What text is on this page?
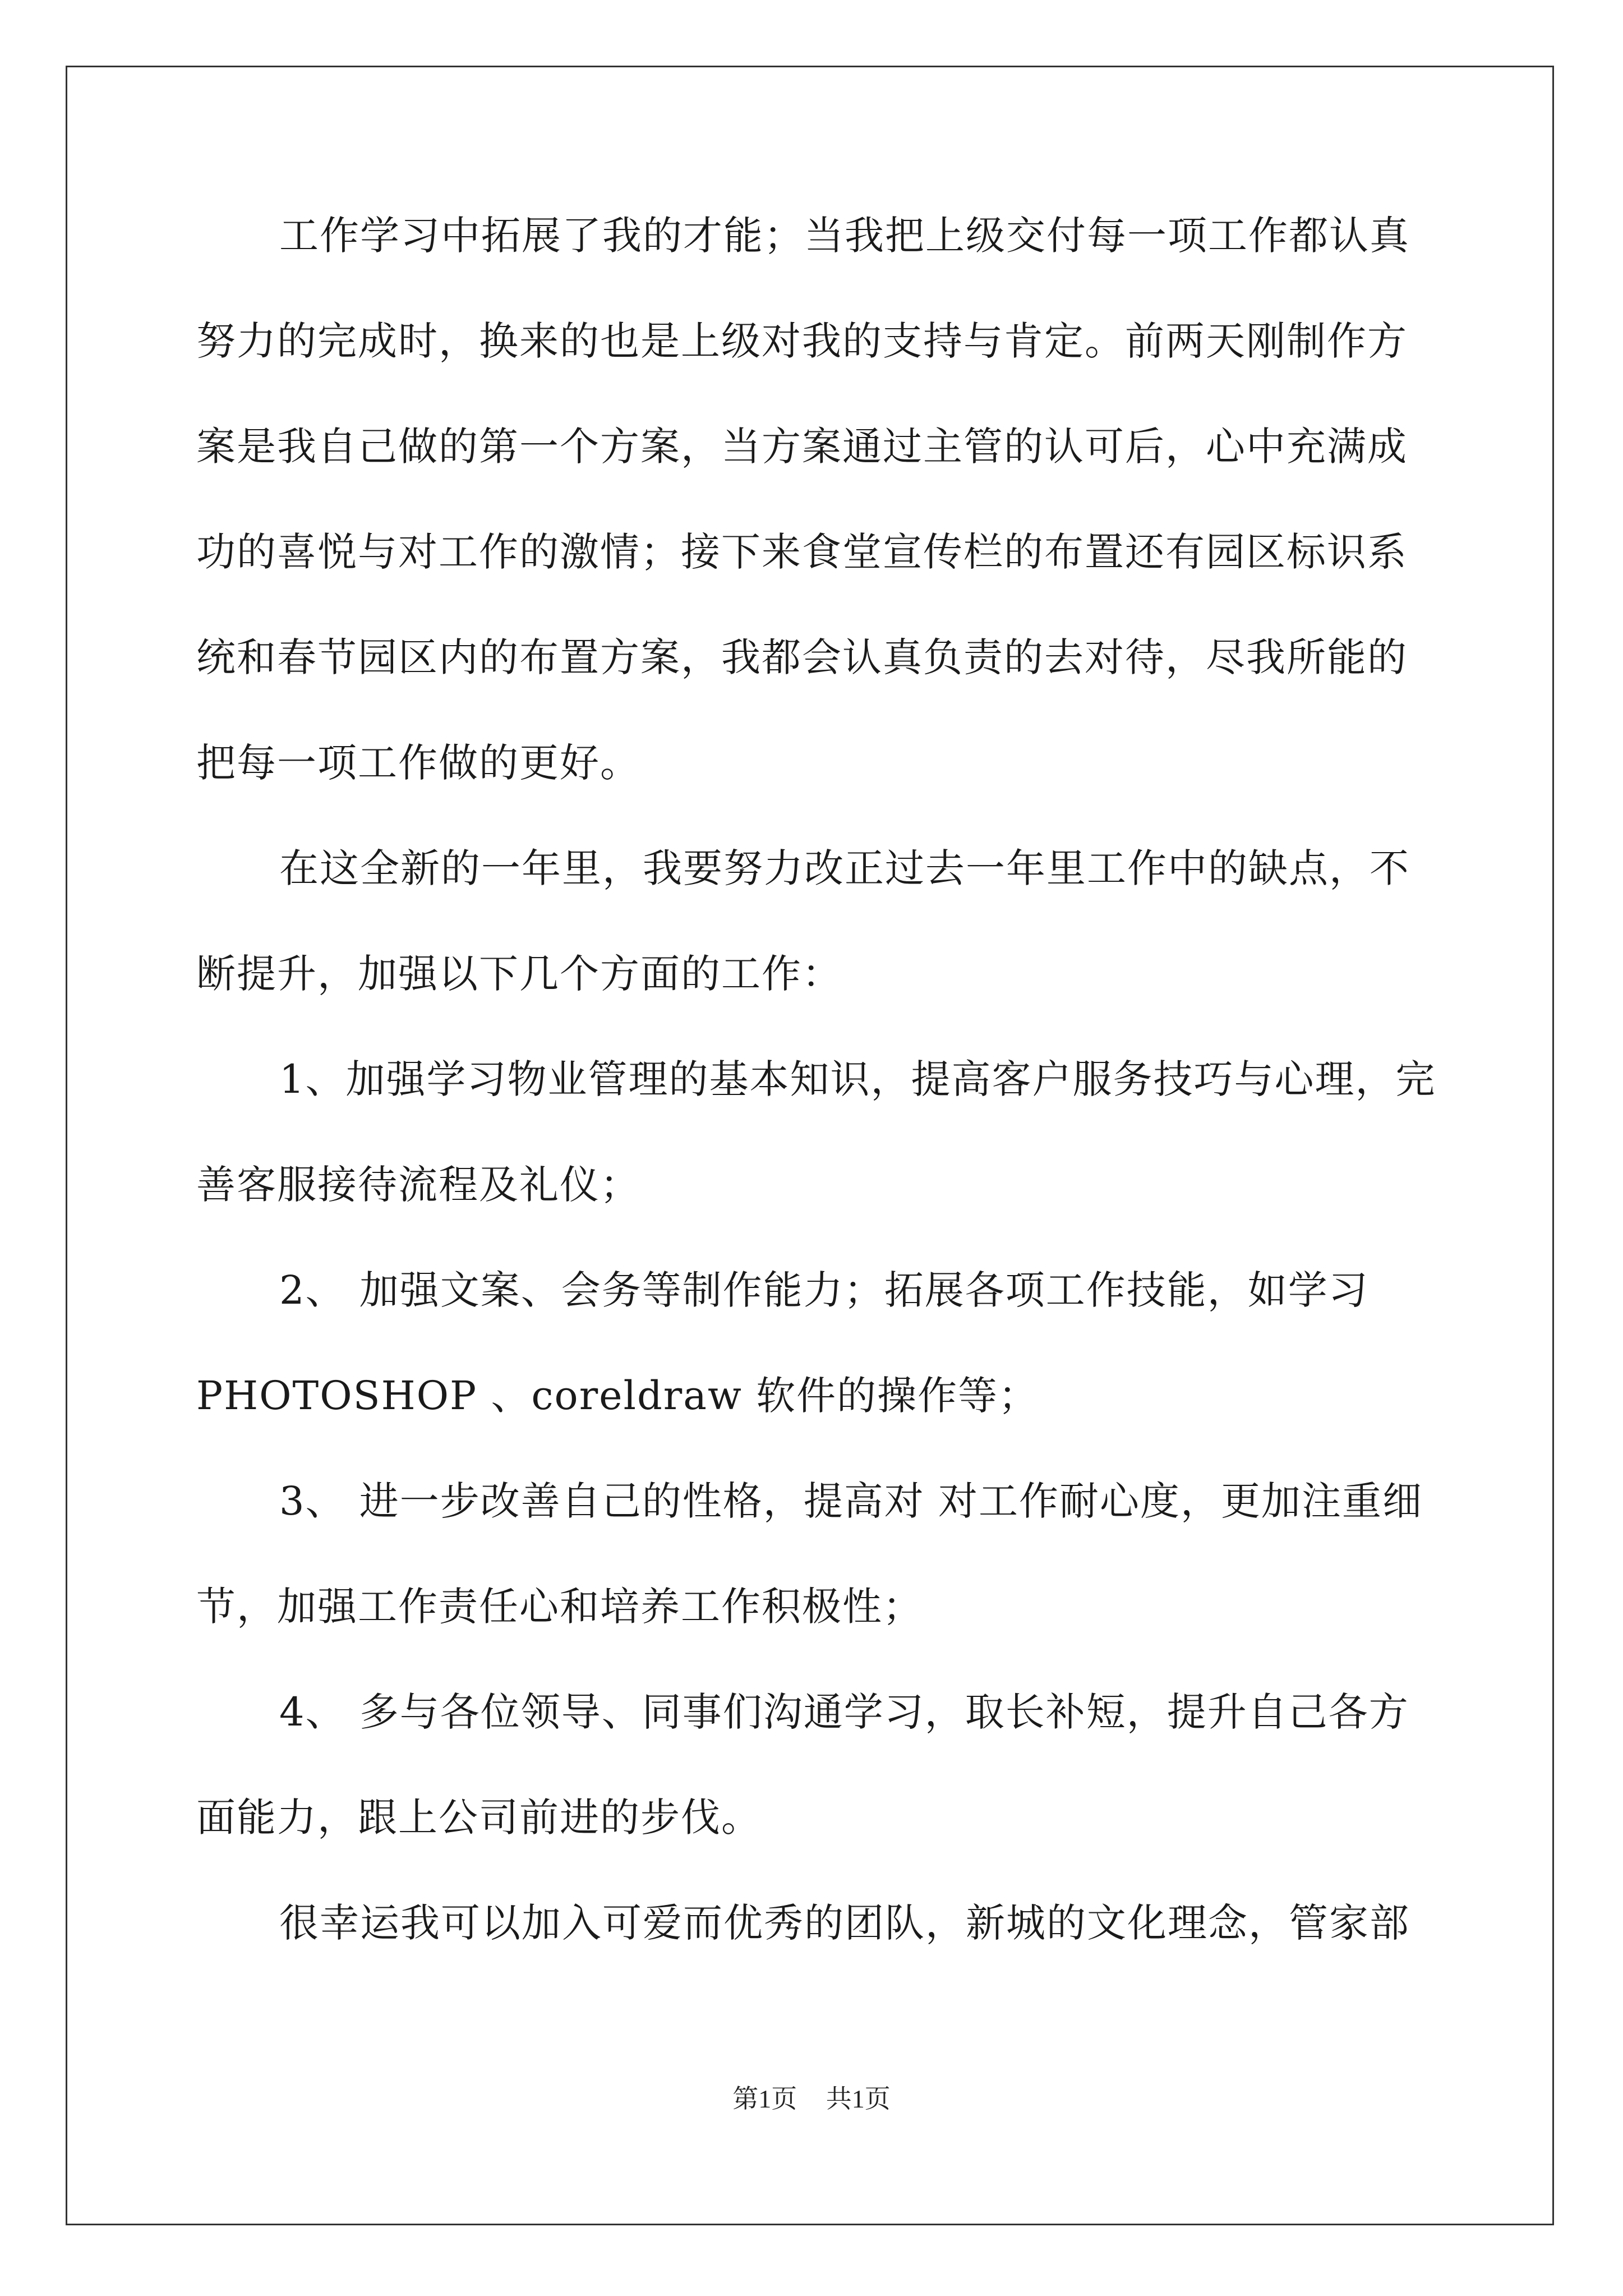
工作学习中拓展了我的才能；当我把上级交付每一项工作都认真
努力的完成时，换来的也是上级对我的支持与肯定。前两天刚制作方
案是我自己做的第一个方案，当方案通过主管的认可后，心中充满成
功的喜悦与对工作的激情；接下来食堂宣传栏的布置还有园区标识系
统和春节园区内的布置方案，我都会认真负责的去对待，尽我所能的
把每一项工作做的更好。
在这全新的一年里，我要努力改正过去一年里工作中的缺点，不
断提升，加强以下几个方面的工作：
1、加强学习物业管理的基本知识，提高客户服务技巧与心理，完
善客服接待流程及礼仪；
2、 加强文案、会务等制作能力；拓展各项工作技能，如学习
PHOTOSHOP 、coreldraw 软件的操作等；
3、 进一步改善自己的性格，提高对 对工作耐心度，更加注重细
节，加强工作责任心和培养工作积极性；
4、 多与各位领导、同事们沟通学习，取长补短，提升自己各方
面能力，跟上公司前进的步伐。
很幸运我可以加入可爱而优秀的团队，新城的文化理念，管家部
第1页 共1页
